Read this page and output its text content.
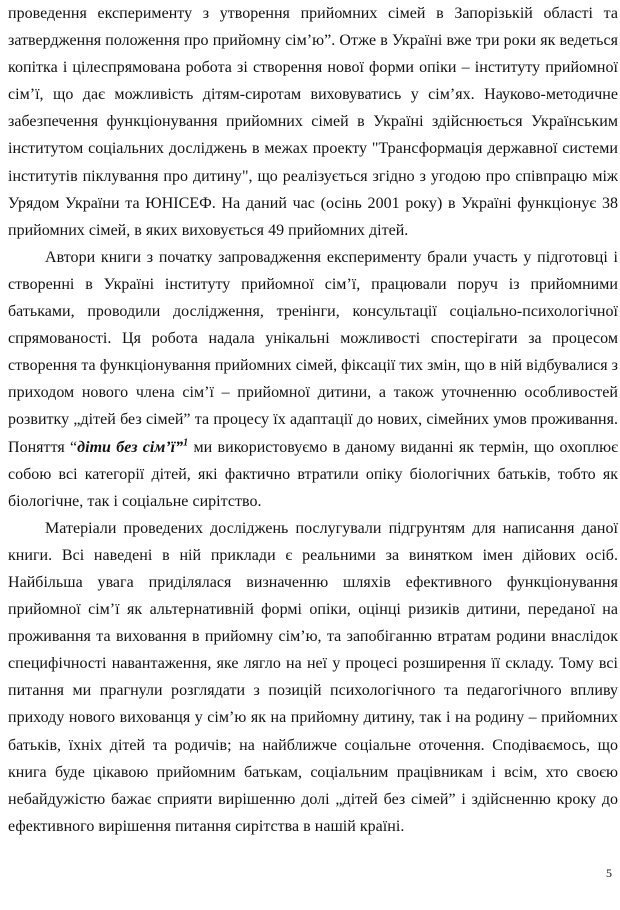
проведення експерименту з утворення прийомних сімей в Запорізькій області та затвердження положення про прийомну сім’ю”. Отже в Україні вже три роки як ведеться копітка і цілеспрямована робота зі створення нової форми опіки – інституту прийомної сім’ї, що дає можливість дітям-сиротам виховуватись у сім’ях. Науково-методичне забезпечення функціонування прийомних сімей в Україні здійснюється Українським інститутом соціальних досліджень в межах проекту "Трансформація державної системи інститутів піклування про дитину", що реалізується згідно з угодою про співпрацю між Урядом України та ЮНІСЕФ. На даний час (осінь 2001 року) в Україні функціонує 38 прийомних сімей, в яких виховується 49 прийомних дітей.

Автори книги з початку запровадження експерименту брали участь у підготовці і створенні в Україні інституту прийомної сім’ї, працювали поруч із прийомними батьками, проводили дослідження, тренінги, консультації соціально-психологічної спрямованості. Ця робота надала унікальні можливості спостерігати за процесом створення та функціонування прийомних сімей, фіксації тих змін, що в ній відбувалися з приходом нового члена сім’ї – прийомної дитини, а також уточненню особливостей розвитку „дітей без сімей” та процесу їх адаптації до нових, сімейних умов проживання. Поняття “діти без сім’ї”$^1$ ми використовуємо в даному виданні як термін, що охоплює собою всі категорії дітей, які фактично втратили опіку біологічних батьків, тобто як біологічне, так і соціальне сирітство.

Матеріали проведених досліджень послугували підгрунтям для написання даної книги. Всі наведені в ній приклади є реальними за винятком імен дійових осіб. Найбільша увага приділялася визначенню шляхів ефективного функціонування прийомної сім’ї як альтернативній формі опіки, оцінці ризиків дитини, переданої на проживання та виховання в прийомну сім’ю, та запобіганню втратам родини внаслідок специфічності навантаження, яке лягло на неї у процесі розширення її складу. Тому всі питання ми прагнули розглядати з позицій психологічного та педагогічного впливу приходу нового вихованця у сім’ю як на прийомну дитину, так і на родину – прийомних батьків, їхніх дітей та родичів; на найближче соціальне оточення. Сподіваємось, що книга буде цікавою прийомним батькам, соціальним працівникам і всім, хто своєю небайдужістю бажає сприяти вирішенню долі „дітей без сімей” і здійсненню кроку до ефективного вирішення питання сирітства в нашій країні.

5
